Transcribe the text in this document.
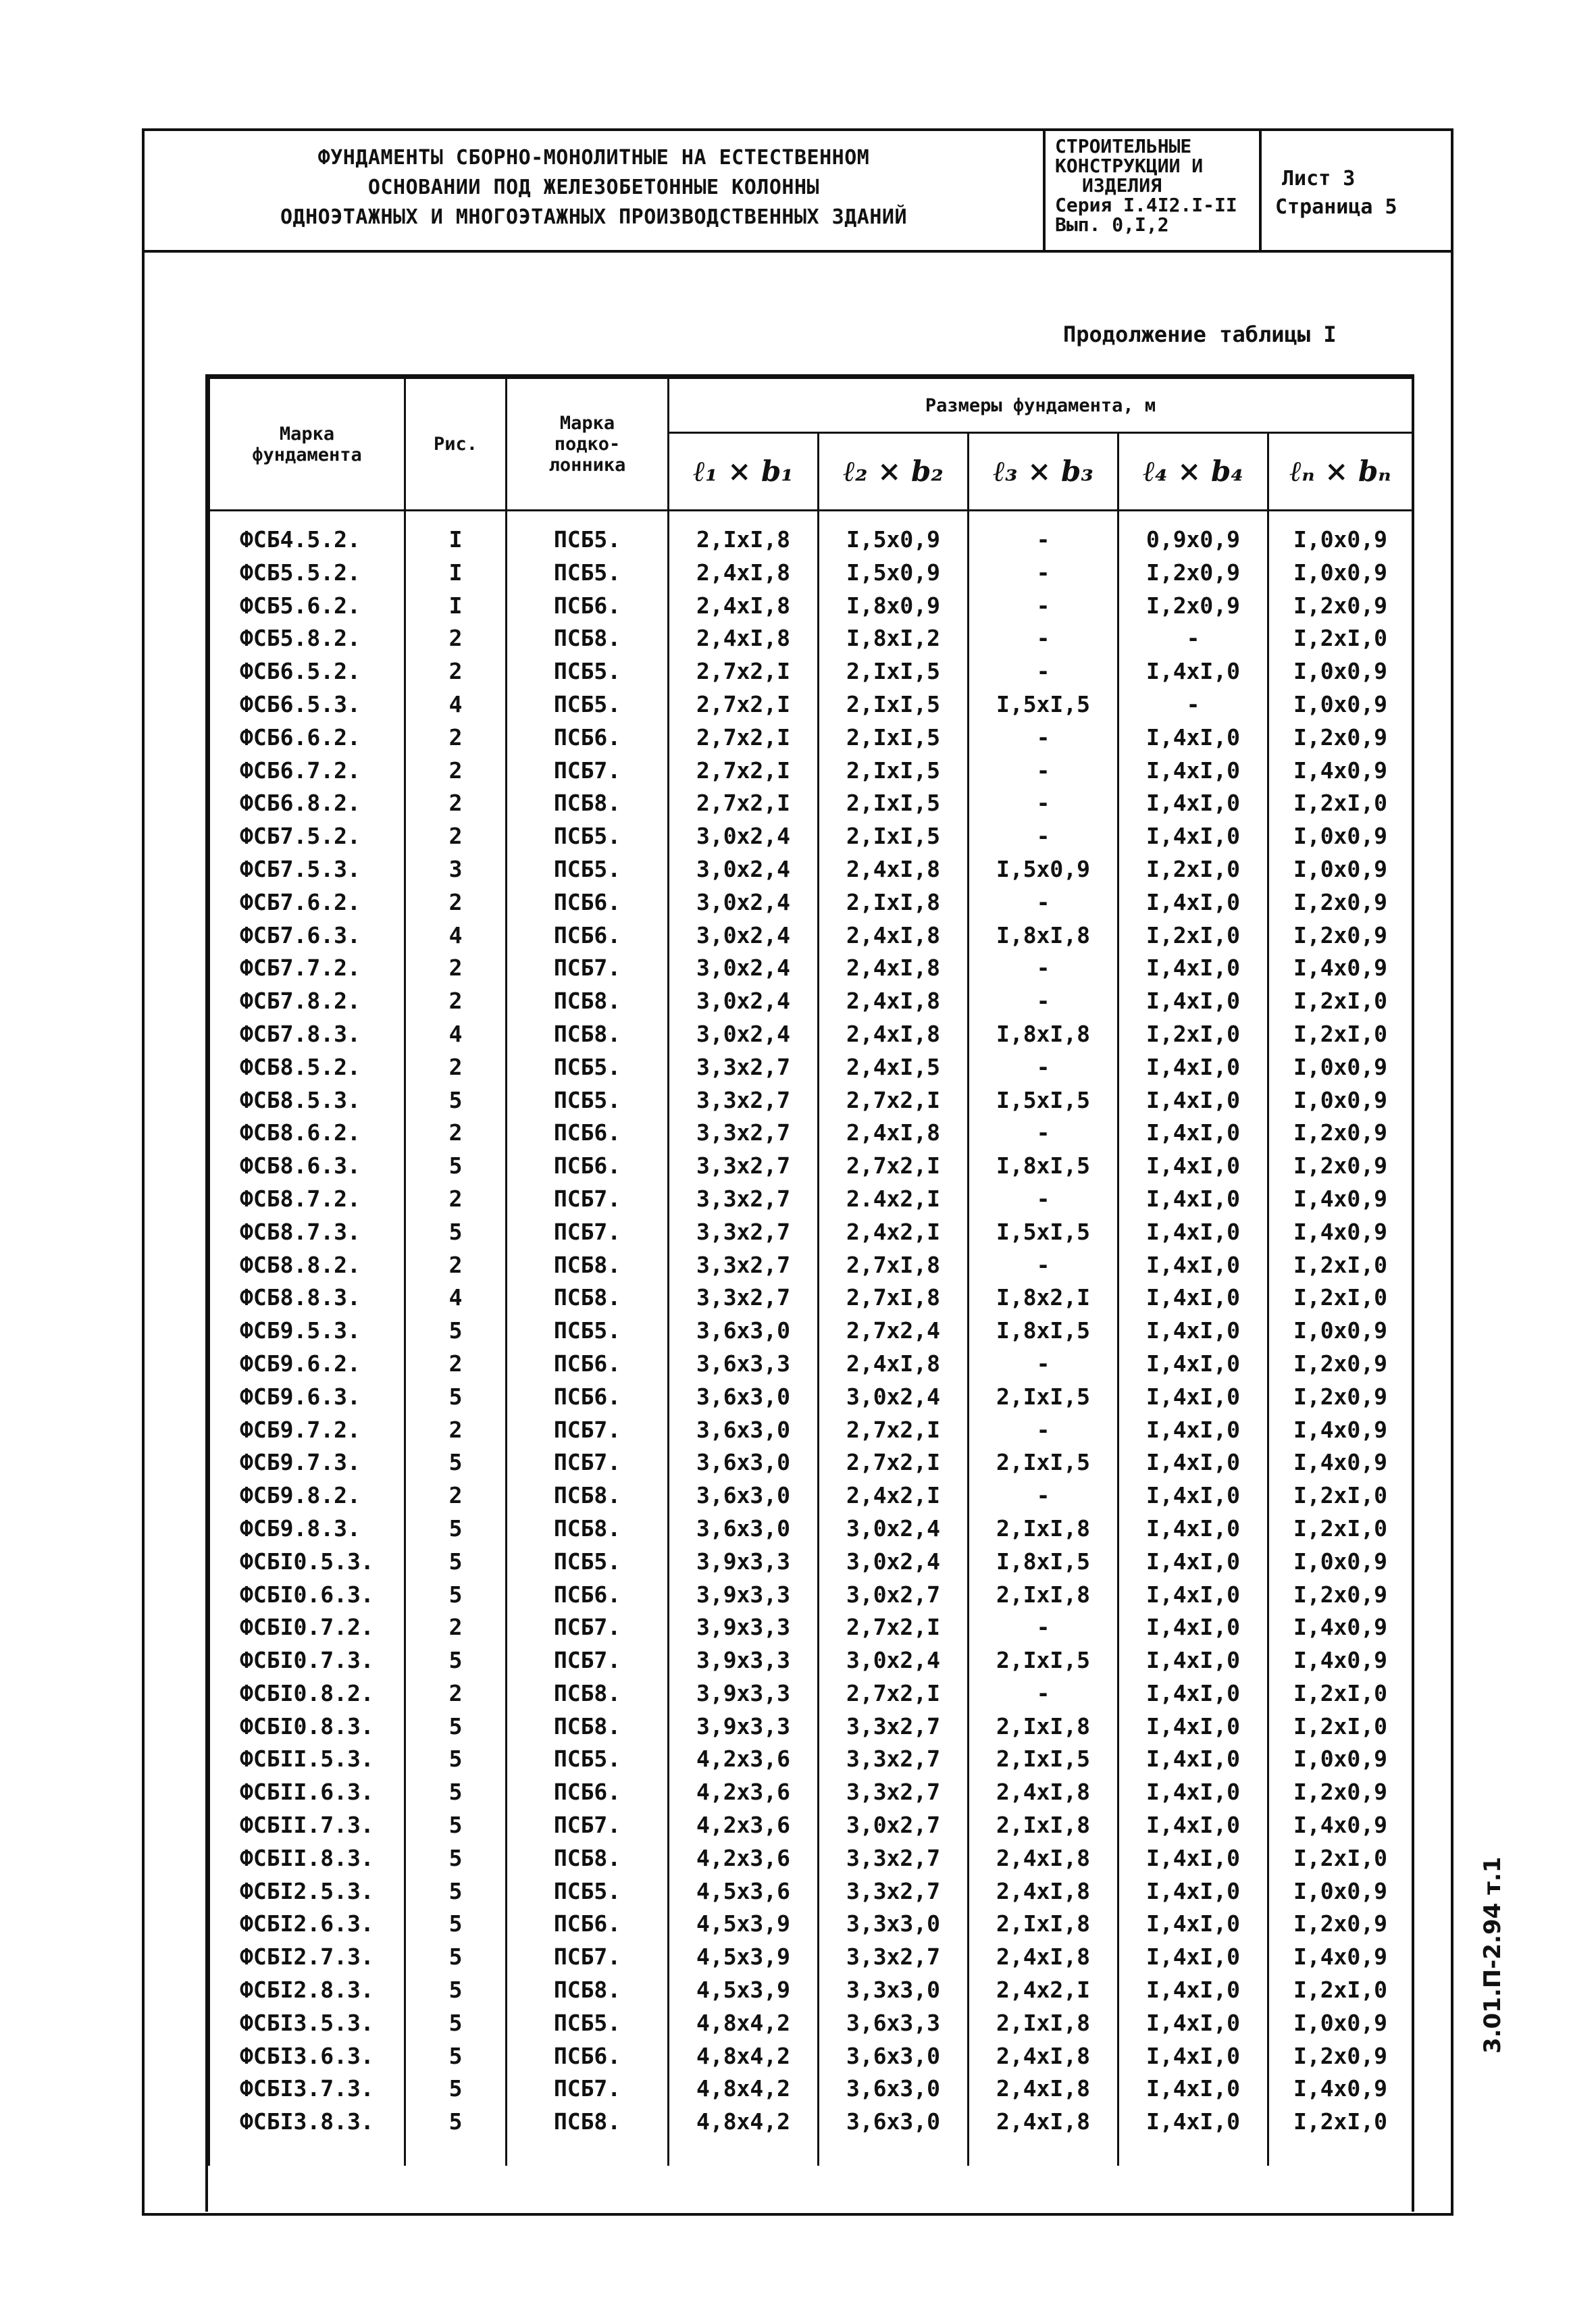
ФУНДАМЕНТЫ СБОРНО-МОНОЛИТНЫЕ НА ЕСТЕСТВЕННОМ
ОСНОВАНИИ ПОД ЖЕЛЕЗОБЕТОННЫЕ КОЛОННЫ
ОДНОЭТАЖНЫХ И МНОГОЭТАЖНЫХ ПРОИЗВОДСТВЕННЫХ ЗДАНИЙ
СТРОИТЕЛЬНЫЕ
КОНСТРУКЦИИ И
ИЗДЕЛИЯ
Серия I.4I2.I-II
Вып. 0,I,2
Лист 3
Страница 5
Продолжение таблицы I
Марка фундамента	Рис.	Марка подко- лонника	Размеры фундамента, м				
			ℓ₁ × b₁	ℓ₂ × b₂	ℓ₃ × b₃	ℓ₄ × b₄	ℓₙ × bₙ
ФСБ4.5.2.	I	ПСБ5.	2,IxI,8	I,5x0,9	-	0,9x0,9	I,0x0,9
ФСБ5.5.2.	I	ПСБ5.	2,4xI,8	I,5x0,9	-	I,2x0,9	I,0x0,9
ФСБ5.6.2.	I	ПСБ6.	2,4xI,8	I,8x0,9	-	I,2x0,9	I,2x0,9
ФСБ5.8.2.	2	ПСБ8.	2,4xI,8	I,8xI,2	-	-	I,2xI,0
ФСБ6.5.2.	2	ПСБ5.	2,7x2,I	2,IxI,5	-	I,4xI,0	I,0x0,9
ФСБ6.5.3.	4	ПСБ5.	2,7x2,I	2,IxI,5	I,5xI,5	-	I,0x0,9
ФСБ6.6.2.	2	ПСБ6.	2,7x2,I	2,IxI,5	-	I,4xI,0	I,2x0,9
ФСБ6.7.2.	2	ПСБ7.	2,7x2,I	2,IxI,5	-	I,4xI,0	I,4x0,9
ФСБ6.8.2.	2	ПСБ8.	2,7x2,I	2,IxI,5	-	I,4xI,0	I,2xI,0
ФСБ7.5.2.	2	ПСБ5.	3,0x2,4	2,IxI,5	-	I,4xI,0	I,0x0,9
ФСБ7.5.3.	3	ПСБ5.	3,0x2,4	2,4xI,8	I,5x0,9	I,2xI,0	I,0x0,9
ФСБ7.6.2.	2	ПСБ6.	3,0x2,4	2,IxI,8	-	I,4xI,0	I,2x0,9
ФСБ7.6.3.	4	ПСБ6.	3,0x2,4	2,4xI,8	I,8xI,8	I,2xI,0	I,2x0,9
ФСБ7.7.2.	2	ПСБ7.	3,0x2,4	2,4xI,8	-	I,4xI,0	I,4x0,9
ФСБ7.8.2.	2	ПСБ8.	3,0x2,4	2,4xI,8	-	I,4xI,0	I,2xI,0
ФСБ7.8.3.	4	ПСБ8.	3,0x2,4	2,4xI,8	I,8xI,8	I,2xI,0	I,2xI,0
ФСБ8.5.2.	2	ПСБ5.	3,3x2,7	2,4xI,5	-	I,4xI,0	I,0x0,9
ФСБ8.5.3.	5	ПСБ5.	3,3x2,7	2,7x2,I	I,5xI,5	I,4xI,0	I,0x0,9
ФСБ8.6.2.	2	ПСБ6.	3,3x2,7	2,4xI,8	-	I,4xI,0	I,2x0,9
ФСБ8.6.3.	5	ПСБ6.	3,3x2,7	2,7x2,I	I,8xI,5	I,4xI,0	I,2x0,9
ФСБ8.7.2.	2	ПСБ7.	3,3x2,7	2.4x2,I	-	I,4xI,0	I,4x0,9
ФСБ8.7.3.	5	ПСБ7.	3,3x2,7	2,4x2,I	I,5xI,5	I,4xI,0	I,4x0,9
ФСБ8.8.2.	2	ПСБ8.	3,3x2,7	2,7xI,8	-	I,4xI,0	I,2xI,0
ФСБ8.8.3.	4	ПСБ8.	3,3x2,7	2,7xI,8	I,8x2,I	I,4xI,0	I,2xI,0
ФСБ9.5.3.	5	ПСБ5.	3,6x3,0	2,7x2,4	I,8xI,5	I,4xI,0	I,0x0,9
ФСБ9.6.2.	2	ПСБ6.	3,6x3,3	2,4xI,8	-	I,4xI,0	I,2x0,9
ФСБ9.6.3.	5	ПСБ6.	3,6x3,0	3,0x2,4	2,IxI,5	I,4xI,0	I,2x0,9
ФСБ9.7.2.	2	ПСБ7.	3,6x3,0	2,7x2,I	-	I,4xI,0	I,4x0,9
ФСБ9.7.3.	5	ПСБ7.	3,6x3,0	2,7x2,I	2,IxI,5	I,4xI,0	I,4x0,9
ФСБ9.8.2.	2	ПСБ8.	3,6x3,0	2,4x2,I	-	I,4xI,0	I,2xI,0
ФСБ9.8.3.	5	ПСБ8.	3,6x3,0	3,0x2,4	2,IxI,8	I,4xI,0	I,2xI,0
ФСБI0.5.3.	5	ПСБ5.	3,9x3,3	3,0x2,4	I,8xI,5	I,4xI,0	I,0x0,9
ФСБI0.6.3.	5	ПСБ6.	3,9x3,3	3,0x2,7	2,IxI,8	I,4xI,0	I,2x0,9
ФСБI0.7.2.	2	ПСБ7.	3,9x3,3	2,7x2,I	-	I,4xI,0	I,4x0,9
ФСБI0.7.3.	5	ПСБ7.	3,9x3,3	3,0x2,4	2,IxI,5	I,4xI,0	I,4x0,9
ФСБI0.8.2.	2	ПСБ8.	3,9x3,3	2,7x2,I	-	I,4xI,0	I,2xI,0
ФСБI0.8.3.	5	ПСБ8.	3,9x3,3	3,3x2,7	2,IxI,8	I,4xI,0	I,2xI,0
ФСБII.5.3.	5	ПСБ5.	4,2x3,6	3,3x2,7	2,IxI,5	I,4xI,0	I,0x0,9
ФСБII.6.3.	5	ПСБ6.	4,2x3,6	3,3x2,7	2,4xI,8	I,4xI,0	I,2x0,9
ФСБII.7.3.	5	ПСБ7.	4,2x3,6	3,0x2,7	2,IxI,8	I,4xI,0	I,4x0,9
ФСБII.8.3.	5	ПСБ8.	4,2x3,6	3,3x2,7	2,4xI,8	I,4xI,0	I,2xI,0
ФСБI2.5.3.	5	ПСБ5.	4,5x3,6	3,3x2,7	2,4xI,8	I,4xI,0	I,0x0,9
ФСБI2.6.3.	5	ПСБ6.	4,5x3,9	3,3x3,0	2,IxI,8	I,4xI,0	I,2x0,9
ФСБI2.7.3.	5	ПСБ7.	4,5x3,9	3,3x2,7	2,4xI,8	I,4xI,0	I,4x0,9
ФСБI2.8.3.	5	ПСБ8.	4,5x3,9	3,3x3,0	2,4x2,I	I,4xI,0	I,2xI,0
ФСБI3.5.3.	5	ПСБ5.	4,8x4,2	3,6x3,3	2,IxI,8	I,4xI,0	I,0x0,9
ФСБI3.6.3.	5	ПСБ6.	4,8x4,2	3,6x3,0	2,4xI,8	I,4xI,0	I,2x0,9
ФСБI3.7.3.	5	ПСБ7.	4,8x4,2	3,6x3,0	2,4xI,8	I,4xI,0	I,4x0,9
ФСБI3.8.3.	5	ПСБ8.	4,8x4,2	3,6x3,0	2,4xI,8	I,4xI,0	I,2xI,0

3.01.П-2.94 т.1
